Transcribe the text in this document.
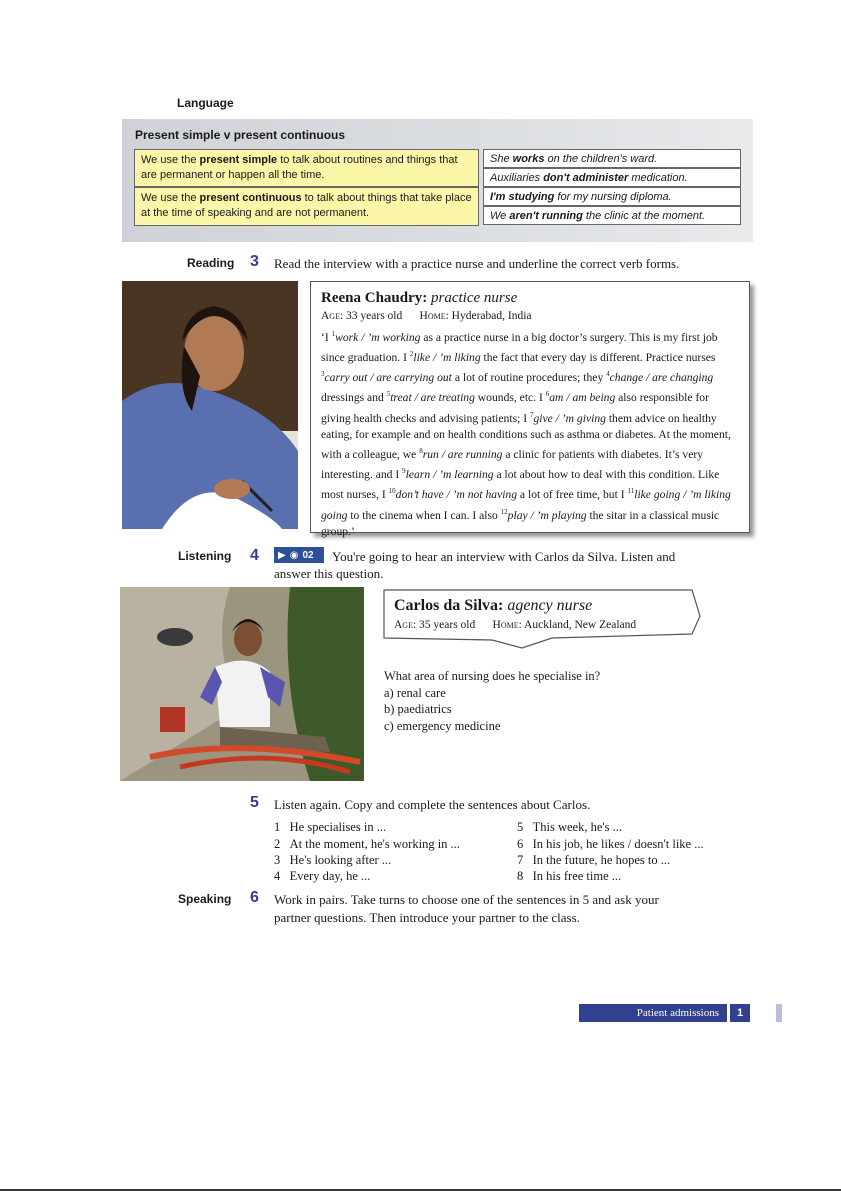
Language
Present simple v present continuous
We use the present simple to talk about routines and things that are permanent or happen all the time.
She works on the children's ward.
Auxiliaries don't administer medication.
We use the present continuous to talk about things that take place at the time of speaking and are not permanent.
I'm studying for my nursing diploma.
We aren't running the clinic at the moment.
Reading 3 Read the interview with a practice nurse and underline the correct verb forms.
Reena Chaudry: practice nurse
Age: 33 years old Home: Hyderabad, India
‘I $^1$work / ’m working as a practice nurse in a big doctor’s surgery. This is my first job since graduation. I $^2$like / ’m liking the fact that every day is different. Practice nurses $^3$carry out / are carrying out a lot of routine procedures; they $^4$change / are changing dressings and $^5$treat / are treating wounds, etc. I $^6$am / am being also responsible for giving health checks and advising patients; I $^7$give / ’m giving them advice on healthy eating, for example and on health conditions such as asthma or diabetes. At the moment, with a colleague, we $^8$run / are running a clinic for patients with diabetes. It’s very interesting. and I $^9$learn / ’m learning a lot about how to deal with this condition. Like most nurses, I $^{10}$don’t have / ’m not having a lot of free time, but I $^{11}$like going / ’m liking going to the cinema when I can. I also $^{12}$play / ’m playing the sitar in a classical music group.’
Listening 4 ▶ ◉ 02 You're going to hear an interview with Carlos da Silva. Listen and
answer this question.
Carlos da Silva: agency nurse
Age: 35 years old Home: Auckland, New Zealand
What area of nursing does he specialise in?
a) renal care
b) paediatrics
c) emergency medicine
5 Listen again. Copy and complete the sentences about Carlos.
1 He specialises in ...
2 At the moment, he's working in ...
3 He's looking after ...
4 Every day, he ...
5 This week, he's ...
6 In his job, he likes / doesn't like ...
7 In the future, he hopes to ...
8 In his free time ...
Speaking 6 Work in pairs. Take turns to choose one of the sentences in 5 and ask your
partner questions. Then introduce your partner to the class.
Patient admissions	1
